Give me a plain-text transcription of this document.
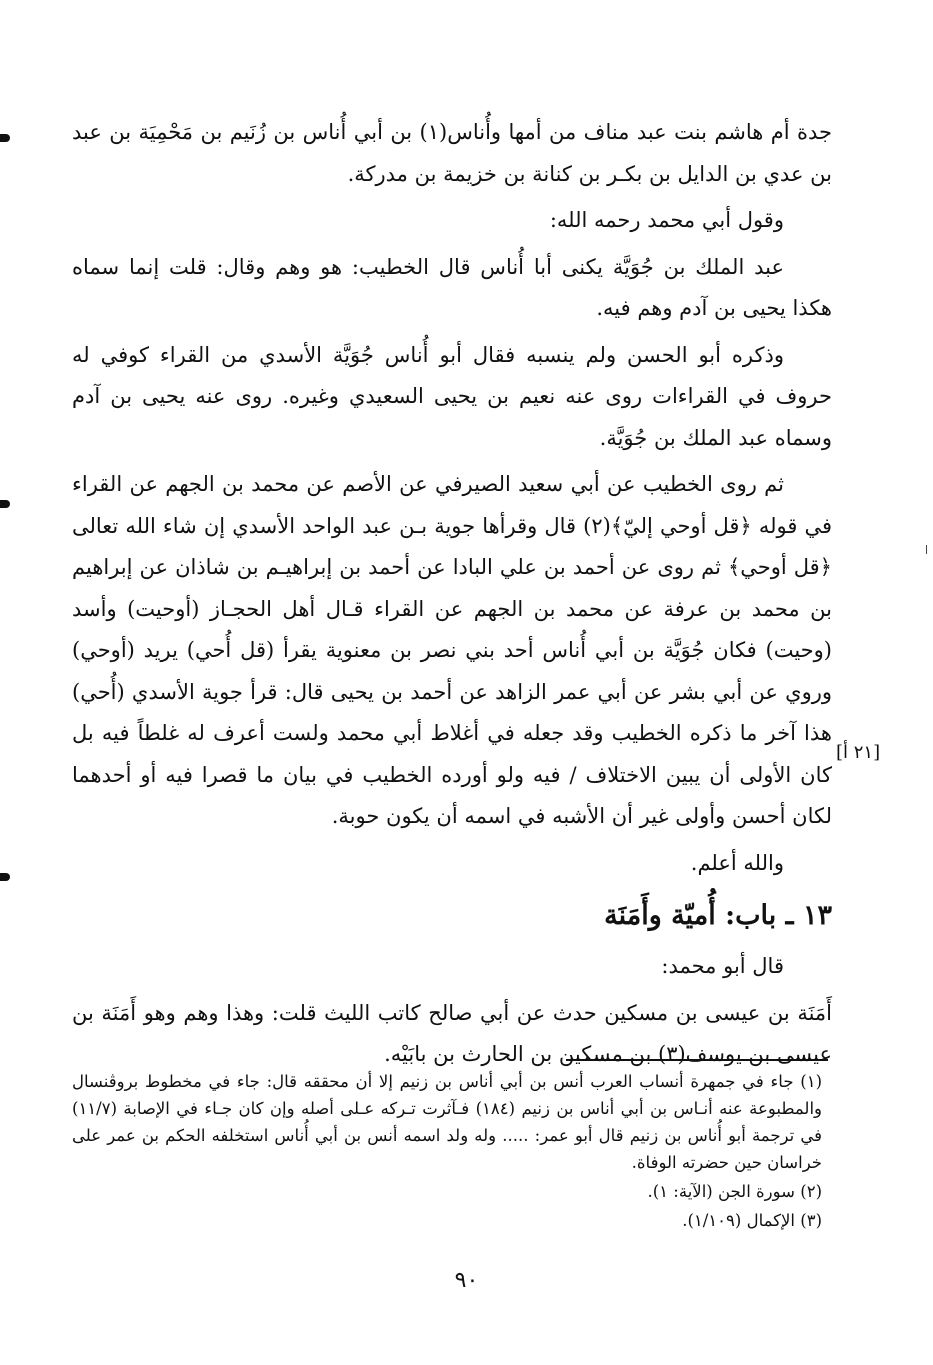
جدة أم هاشم بنت عبد مناف من أمها وأُناس(١) بن أبي أُناس بن زُنَيم بن مَحْمِيَة بن عبد بن عدي بن الدايل بن بكـر بن كنانة بن خزيمة بن مدركة.

وقول أبي محمد رحمه الله:

عبد الملك بن جُوَيَّة يكنى أبا أُناس قال الخطيب: هو وهم وقال: قلت إنما سماه هكذا يحيى بن آدم وهم فيه.

وذكره أبو الحسن ولم ينسبه فقال أبو أُناس جُوَيَّة الأسدي من القراء كوفي له حروف في القراءات روى عنه نعيم بن يحيى السعيدي وغيره. روى عنه يحيى بن آدم وسماه عبد الملك بن جُوَيَّة.

ثم روى الخطيب عن أبي سعيد الصيرفي عن الأصم عن محمد بن الجهم عن القراء في قوله ﴿قل أوحي إليّ﴾(٢) قال وقرأها جوية بـن عبد الواحد الأسدي إن شاء الله تعالى ﴿قل أوحي﴾ ثم روى عن أحمد بن علي البادا عن أحمد بن إبراهيـم بن شاذان عن إبراهيم بن محمد بن عرفة عن محمد بن الجهم عن القراء قـال أهل الحجـاز (أوحيت) وأسد (وحيت) فكان جُوَيَّة بن أبي أُناس أحد بني نصر بن معنوية يقرأ (قل أُحي) يريد (أوحي) وروي عن أبي بشر عن أبي عمر الزاهد عن أحمد بن يحيى قال: قرأ جوية الأسدي (أُحي) هذا آخر ما ذكره الخطيب وقد جعله في أغلاط أبي محمد ولست أعرف له غلطاً فيه بل كان الأولى أن يبين الاختلاف / فيه ولو أورده الخطيب في بيان ما قصرا فيه أو أحدهما لكان أحسن وأولى غير أن الأشبه في اسمه أن يكون حوبة.

والله أعلم.

١٣ ـ باب: أُميّة وأَمَنَة

قال أبو محمد:

أَمَنَة بن عيسى بن مسكين حدث عن أبي صالح كاتب الليث قلت: وهذا وهم وهو أَمَنَة بن عيسى بن يوسف(٣) بن مسكين بن الحارث بن بابَيْه.

[٢١ أ]

(١) جاء في جمهرة أنساب العرب أنس بن أبي أناس بن زنيم إلا أن محققه قال: جاء في مخطوط بروڤنسال والمطبوعة عنه أنـاس بن أبي أناس بن زنيم (١٨٤) فـآثرت تـركه عـلى أصله وإن كان جـاء في الإصابة (١١/٧) في ترجمة أبو أُناس بن زنيم قال أبو عمر: ..... وله ولد اسمه أنس بن أبي أُناس استخلفه الحكم بن عمر على خراسان حين حضرته الوفاة.

(٢) سورة الجن (الآية: ١).

(٣) الإكمال (١/١٠٩).

٩٠
